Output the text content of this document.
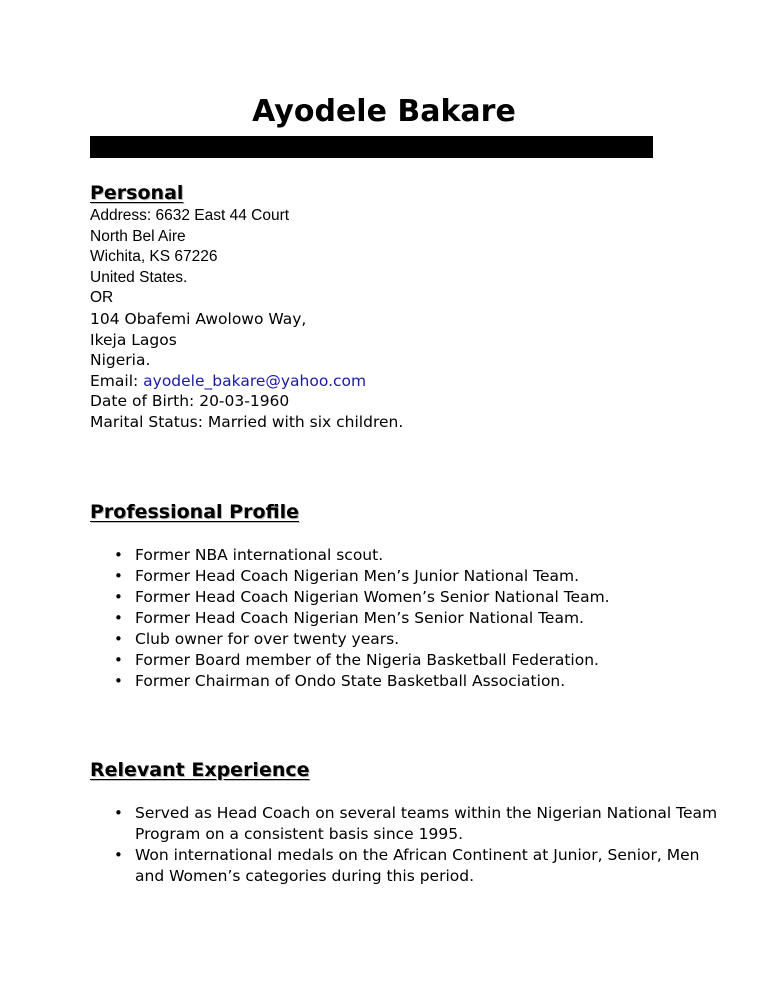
Ayodele Bakare
Personal
Address: 6632 East 44 Court
North Bel Aire
Wichita, KS 67226
United States.
OR
104 Obafemi Awolowo Way,
Ikeja Lagos
Nigeria.
Email: ayodele_bakare@yahoo.com
Date of Birth: 20-03-1960
Marital Status: Married with six children.
Professional Profile
• Former NBA international scout.
• Former Head Coach Nigerian Men’s Junior National Team.
• Former Head Coach Nigerian Women’s Senior National Team.
• Former Head Coach Nigerian Men’s Senior National Team.
• Club owner for over twenty years.
• Former Board member of the Nigeria Basketball Federation.
• Former Chairman of Ondo State Basketball Association.
Relevant Experience
• Served as Head Coach on several teams within the Nigerian National Team Program on a consistent basis since 1995.
• Won international medals on the African Continent at Junior, Senior, Men and Women’s categories during this period.
